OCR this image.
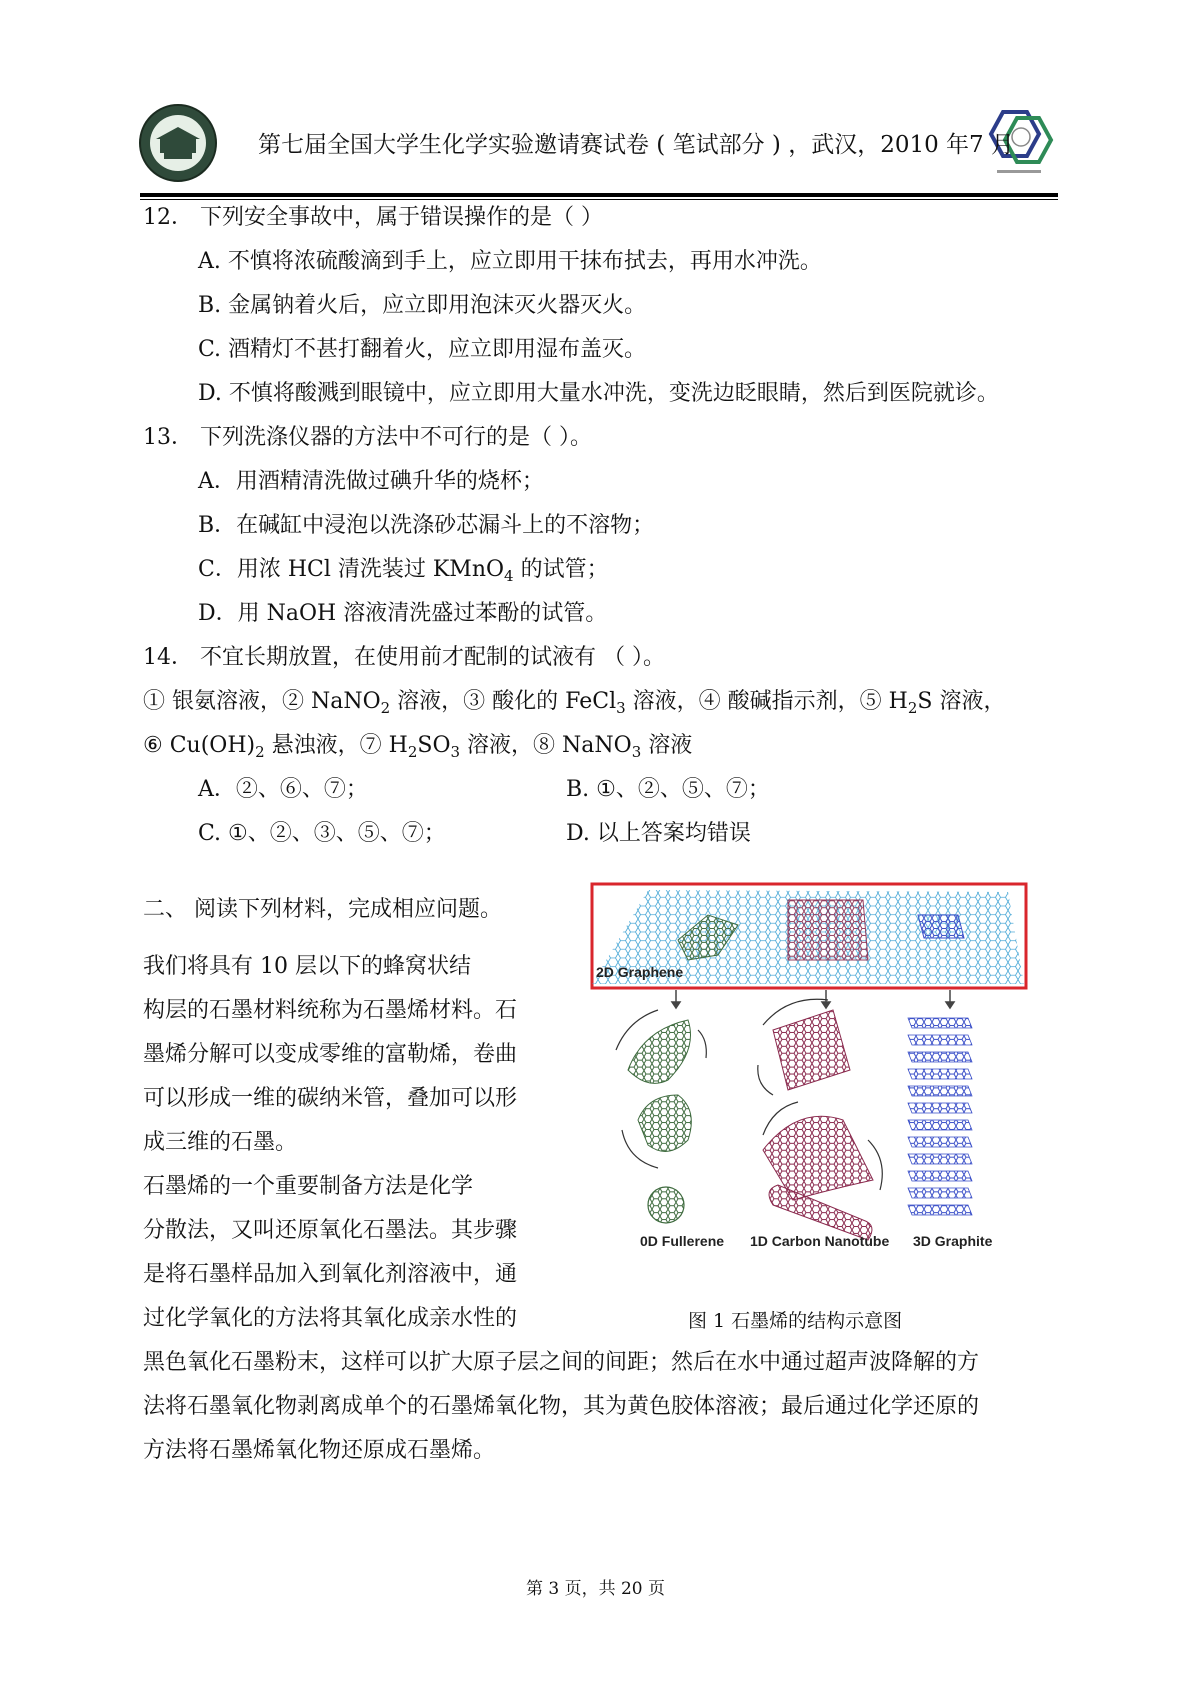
第七届全国大学生化学实验邀请赛试卷 ( 笔试部分 ) ，武汉，2010 年7 月
12． 下列安全事故中，属于错误操作的是（ ）
A. 不慎将浓硫酸滴到手上，应立即用干抹布拭去，再用水冲洗。
B. 金属钠着火后，应立即用泡沫灭火器灭火。
C. 酒精灯不甚打翻着火，应立即用湿布盖灭。
D. 不慎将酸溅到眼镜中，应立即用大量水冲洗，变洗边眨眼睛，然后到医院就诊。
13． 下列洗涤仪器的方法中不可行的是（ ）。
A．用酒精清洗做过碘升华的烧杯；
B．在碱缸中浸泡以洗涤砂芯漏斗上的不溶物；
C．用浓 HCl 清洗装过 KMnO$_4$ 的试管；
D．用 NaOH 溶液清洗盛过苯酚的试管。
14． 不宜长期放置，在使用前才配制的试液有 （ ）。
① 银氨溶液，② NaNO$_2$ 溶液，③ 酸化的 FeCl$_3$ 溶液，④ 酸碱指示剂，⑤ $H_2S$ 溶液，
⑥ $Cu(OH)_2$ 悬浊液，⑦ $H_2SO_3$ 溶液，⑧ NaNO$_3$ 溶液
A．②、⑥、⑦；	B. ①、②、⑤、⑦；
C. ①、②、③、⑤、⑦；	D. 以上答案均错误
二、 阅读下列材料，完成相应问题。
我们将具有 10 层以下的蜂窝状结
构层的石墨材料统称为石墨烯材料。石
墨烯分解可以变成零维的富勒烯，卷曲
可以形成一维的碳纳米管，叠加可以形
成三维的石墨。
石墨烯的一个重要制备方法是化学
分散法，又叫还原氧化石墨法。其步骤
是将石墨样品加入到氧化剂溶液中，通
过化学氧化的方法将其氧化成亲水性的
黑色氧化石墨粉末，这样可以扩大原子层之间的间距；然后在水中通过超声波降解的方
法将石墨氧化物剥离成单个的石墨烯氧化物，其为黄色胶体溶液；最后通过化学还原的
方法将石墨烯氧化物还原成石墨烯。
2D Graphene
0D Fullerene 1D Carbon Nanotube 3D Graphite
图 1 石墨烯的结构示意图
第 3 页，共 20 页
